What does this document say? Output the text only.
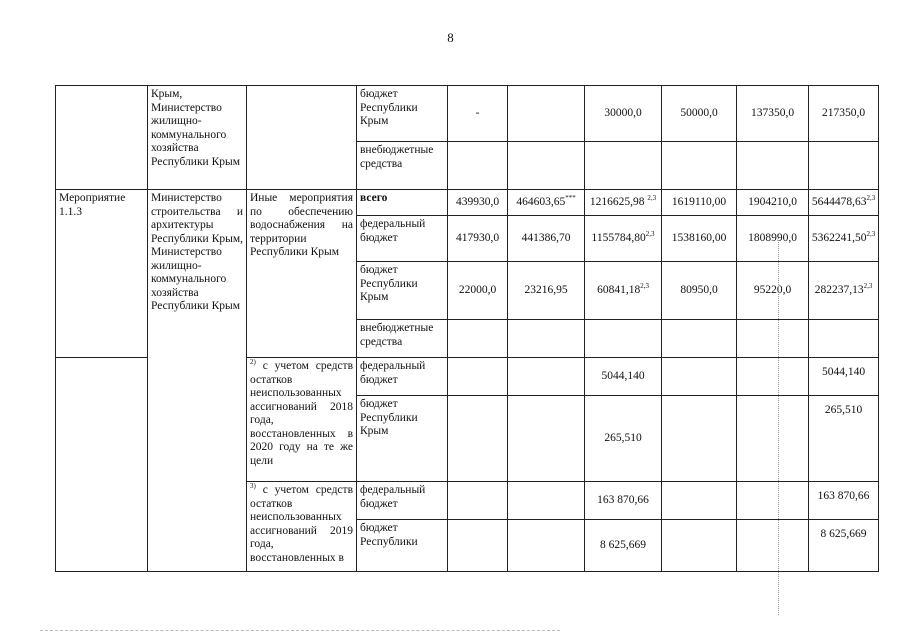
8
	Крым, Министерство жилищно-коммунального хозяйства Республики Крым		бюджет Республики Крым	-		30000,0	50000,0	137350,0	217350,0
			внебюджетные средства						
Мероприятие 1.1.3	Министерство строительства и архитектуры Республики Крым, Министерство жилищно-коммунального хозяйства Республики Крым	Иные мероприятия по обеспечению водоснабжения на территории Республики Крым	всего	439930,0	464603,65***	1216625,98 $^{2,3}$	1619110,00	1904210,0	5644478,63$^{2,3}$
			федеральный бюджет	417930,0	441386,70	1155784,80$^{2,3}$	1538160,00	1808990,0	5362241,50$^{2,3}$
			бюджет Республики Крым	22000,0	23216,95	60841,18$^{2,3}$	80950,0	95220,0	282237,13$^{2,3}$
			внебюджетные средства						
		$^{2)}$ с учетом средств остатков неиспользованных ассигнований 2018 года, восстановленных в 2020 году на те же цели	федеральный бюджет			5044,140			5044,140
			бюджет Республики Крым			265,510			265,510
		$^{3)}$ с учетом средств остатков неиспользованных ассигнований 2019 года, восстановленных в	федеральный бюджет			163 870,66			163 870,66
			бюджет Республики			8 625,669			8 625,669
